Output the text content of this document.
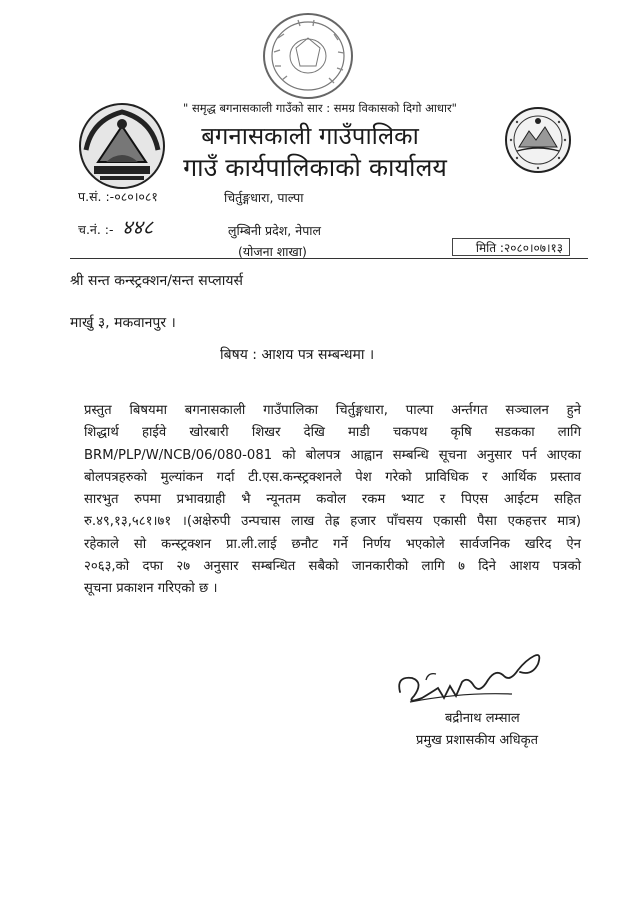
" समृद्ध बगनासकाली गाउँको सार : समग्र विकासको दिगो आधार"
बगनासकाली गाउँपालिका
गाउँ कार्यपालिकाको कार्यालय
प.सं. :-०८०।०८१
च.नं. :- ४४८
चिर्तुङ्गधारा, पाल्पा
लुम्बिनी प्रदेश, नेपाल
(योजना शाखा)	मिति :२०८०।०७।१३
श्री सन्त कन्स्ट्रक्शन/सन्त सप्लायर्स
मार्खु ३, मकवानपुर ।
बिषय : आशय पत्र सम्बन्धमा ।
प्रस्तुत बिषयमा बगनासकाली गाउँपालिका चिर्तुङ्गधारा, पाल्पा अर्न्तगत सञ्चालन हुने
शिद्धार्थ हाईवे खोरबारी शिखर देखि माडी चकपथ कृषि सडकका लागि
BRM/PLP/W/NCB/06/080-081 को बोलपत्र आह्वान सम्बन्धि सूचना अनुसार पर्न आएका
बोलपत्रहरुको मुल्यांकन गर्दा टी.एस.कन्स्ट्रक्शनले पेश गरेको प्राविधिक र आर्थिक प्रस्ताव
सारभुत रुपमा प्रभावग्राही भै न्यूनतम कवोल रकम भ्याट र पिएस आईटम सहित
रु.४९,१३,५८१।७१ ।(अक्षेरुपी उन्पचास लाख तेह्र हजार पाँचसय एकासी पैसा एकहत्तर मात्र)
रहेकाले सो कन्स्ट्रक्शन प्रा.ली.लाई छनौट गर्ने निर्णय भएकोले सार्वजनिक खरिद ऐन
२०६३,को दफा २७ अनुसार सम्बन्धित सबैको जानकारीको लागि ७ दिने आशय पत्रको
सूचना प्रकाशन गरिएको छ ।
बद्रीनाथ लम्साल
प्रमुख प्रशासकीय अधिकृत
